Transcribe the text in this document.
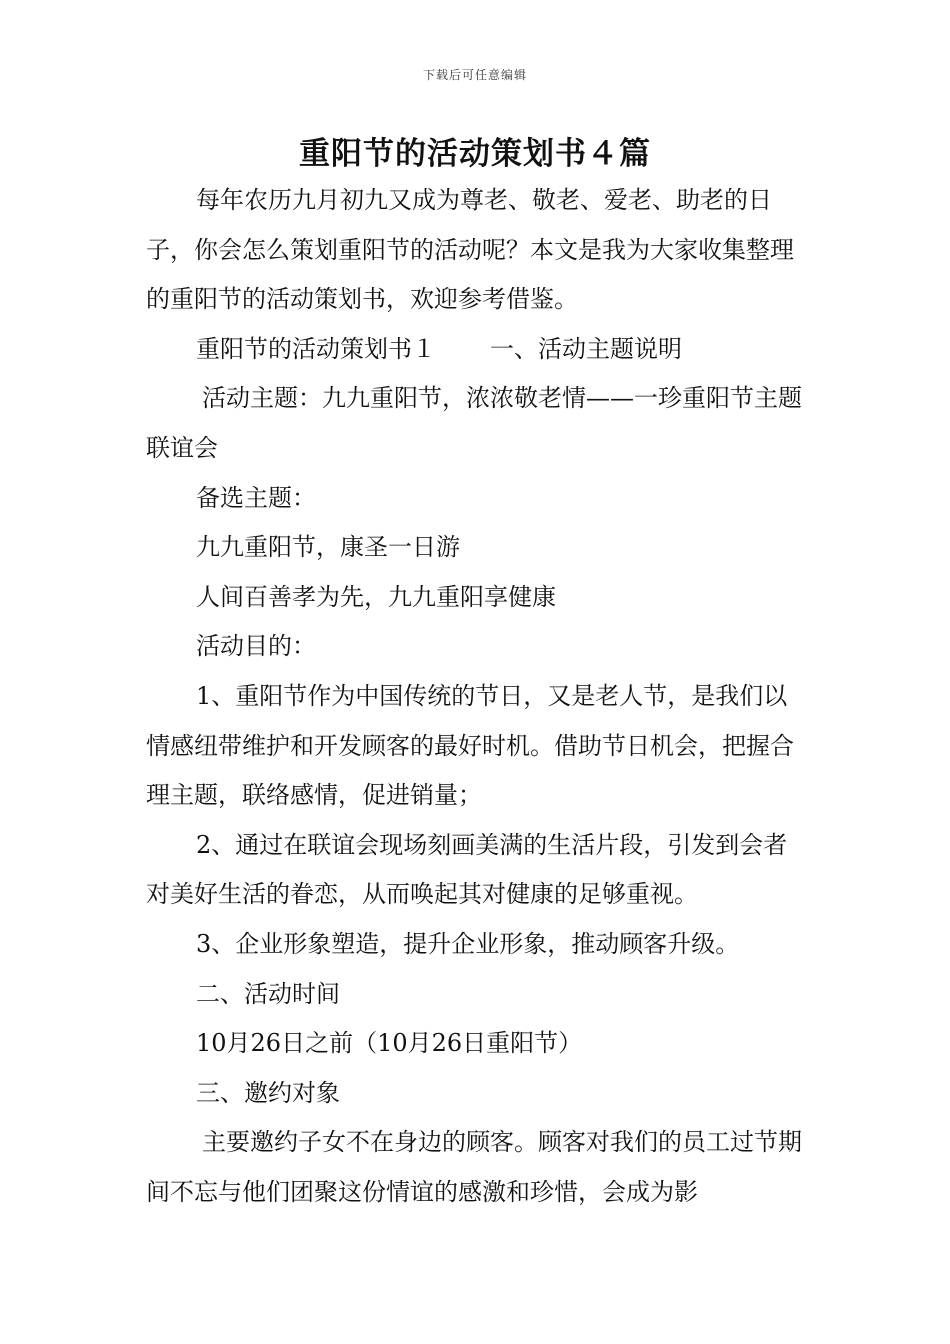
下载后可任意编辑
重阳节的活动策划书４篇

每年农历九月初九又成为尊老、敬老、爱老、助老的日子，你会怎么策划重阳节的活动呢？本文是我为大家收集整理的重阳节的活动策划书，欢迎参考借鉴。

重阳节的活动策划书１ 一、活动主题说明

活动主题：九九重阳节，浓浓敬老情——一珍重阳节主题联谊会

备选主题：

九九重阳节，康圣一日游

人间百善孝为先，九九重阳享健康

活动目的：

1、重阳节作为中国传统的节日，又是老人节，是我们以情感纽带维护和开发顾客的最好时机。借助节日机会，把握合理主题，联络感情，促进销量；

2、通过在联谊会现场刻画美满的生活片段，引发到会者对美好生活的眷恋，从而唤起其对健康的足够重视。

3、企业形象塑造，提升企业形象，推动顾客升级。

二、活动时间

10月26日之前（10月26日重阳节）

三、邀约对象

主要邀约子女不在身边的顾客。顾客对我们的员工过节期间不忘与他们团聚这份情谊的感激和珍惜，会成为影
